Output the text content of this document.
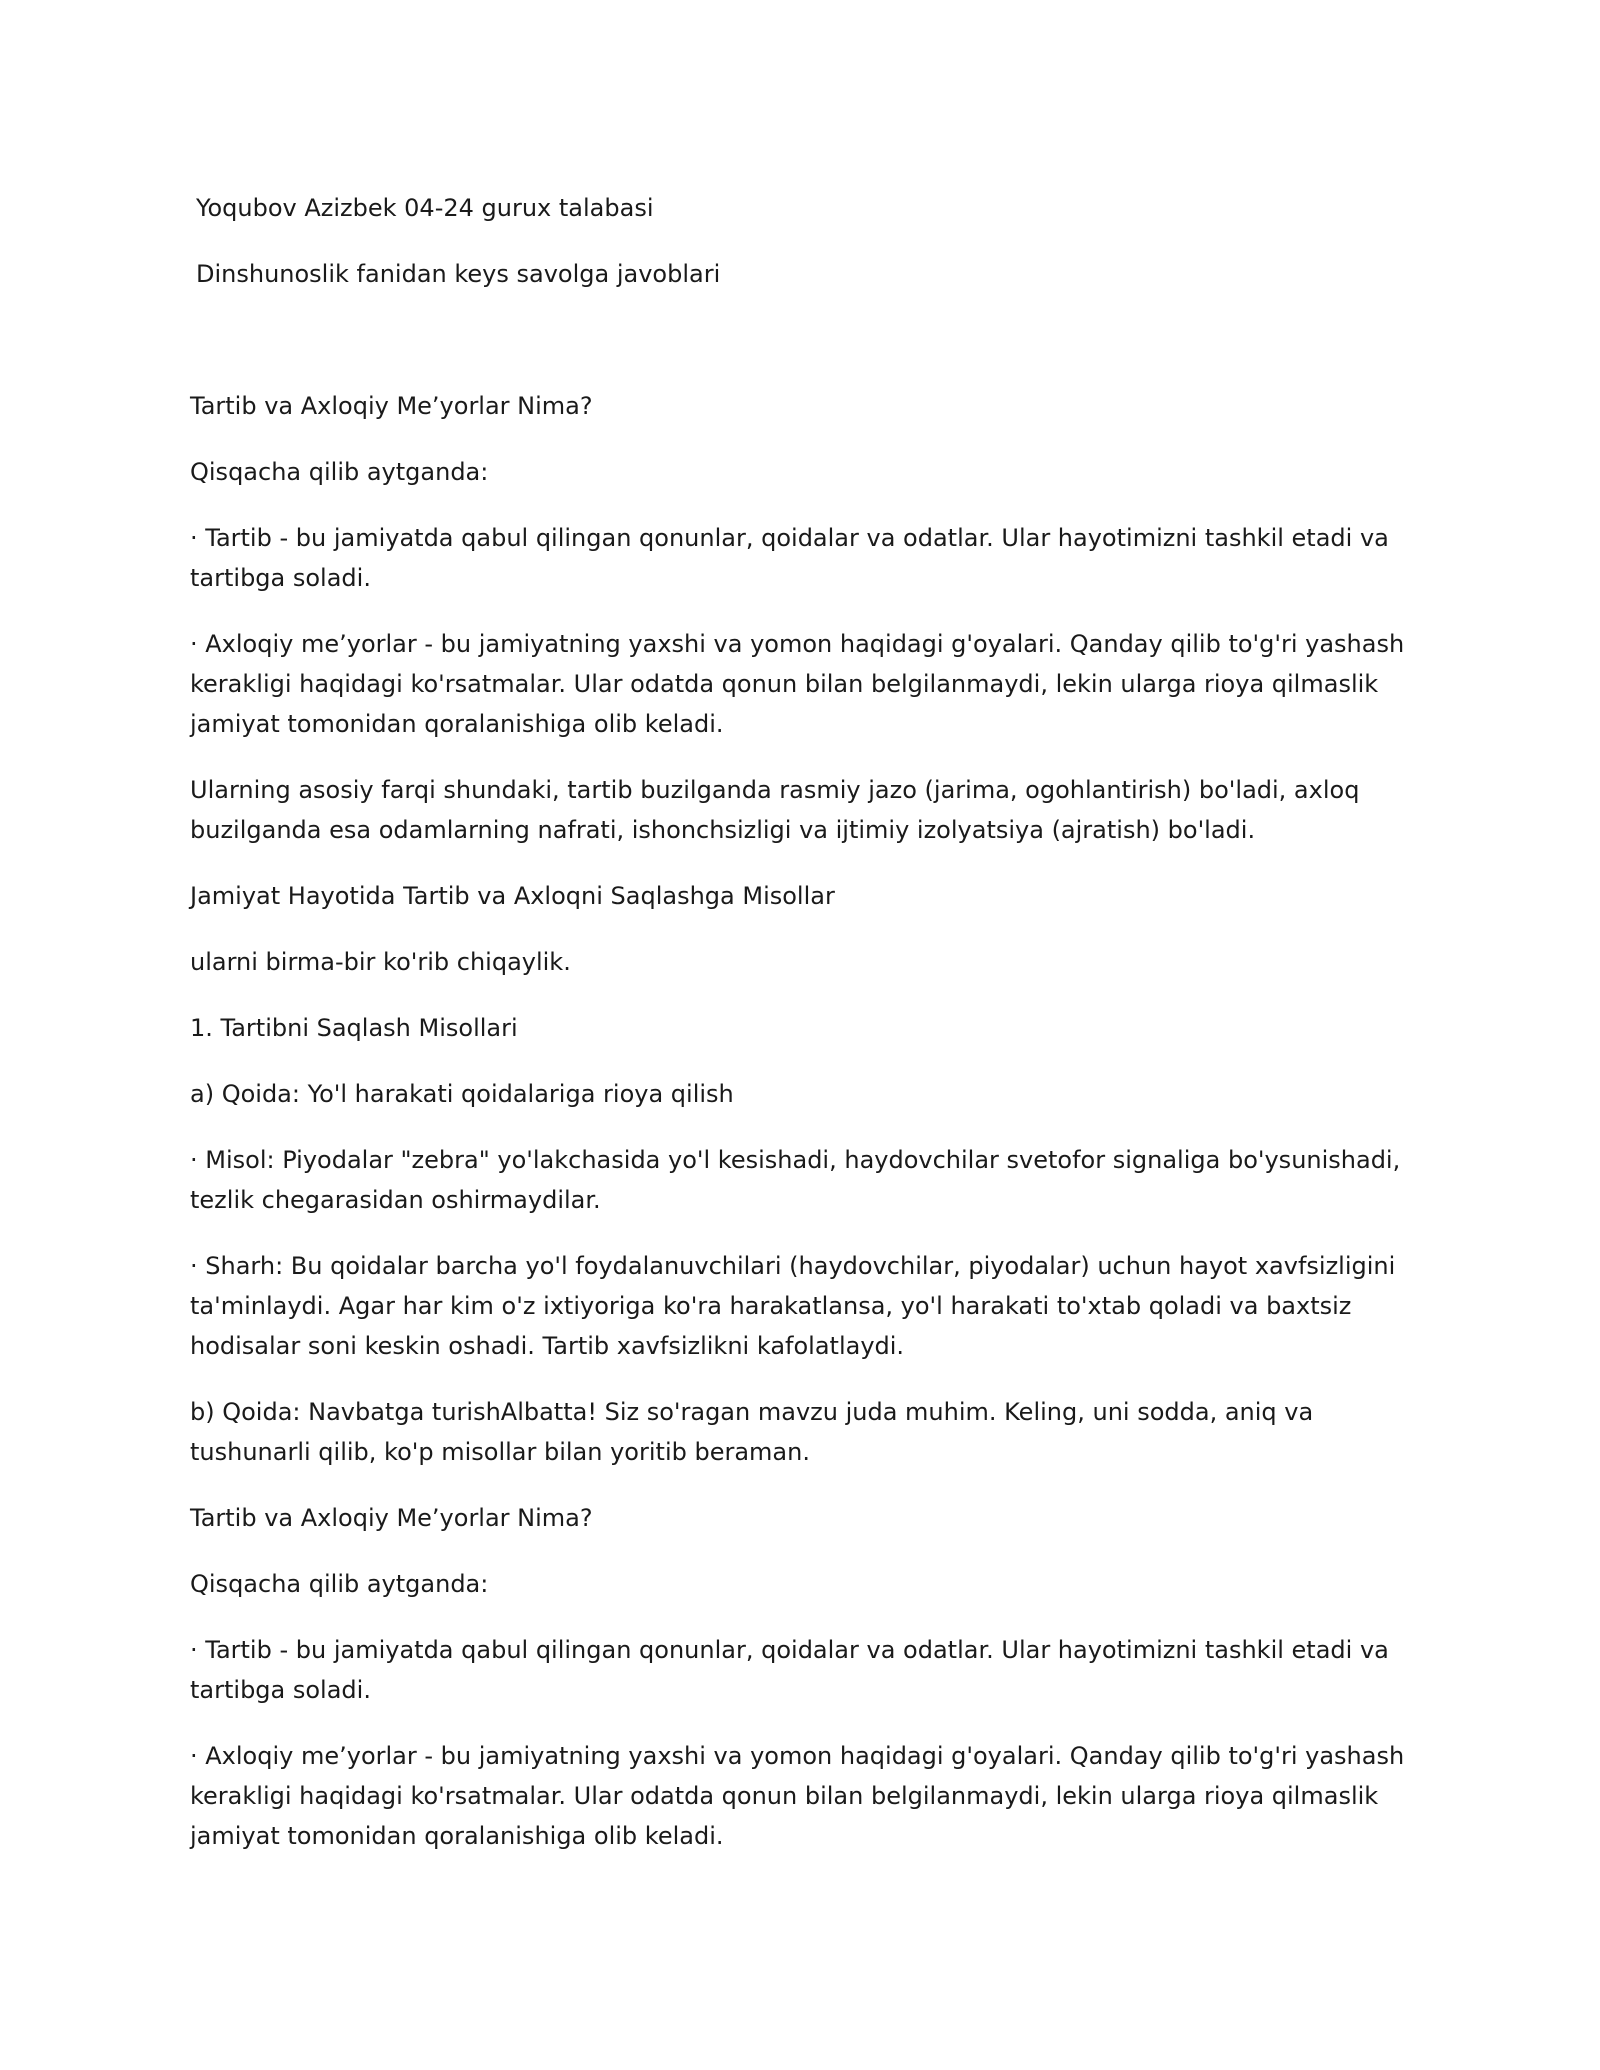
Yoqubov Azizbek 04-24 gurux talabasi

Dinshunoslik fanidan keys savolga javoblari

Tartib va Axloqiy Me’yorlar Nima?

Qisqacha qilib aytganda:

· Tartib - bu jamiyatda qabul qilingan qonunlar, qoidalar va odatlar. Ular hayotimizni tashkil etadi va tartibga soladi.

· Axloqiy me’yorlar - bu jamiyatning yaxshi va yomon haqidagi g'oyalari. Qanday qilib to'g'ri yashash kerakligi haqidagi ko'rsatmalar. Ular odatda qonun bilan belgilanmaydi, lekin ularga rioya qilmaslik jamiyat tomonidan qoralanishiga olib keladi.

Ularning asosiy farqi shundaki, tartib buzilganda rasmiy jazo (jarima, ogohlantirish) bo'ladi, axloq buzilganda esa odamlarning nafrati, ishonchsizligi va ijtimiy izolyatsiya (ajratish) bo'ladi.

Jamiyat Hayotida Tartib va Axloqni Saqlashga Misollar

ularni birma-bir ko'rib chiqaylik.

1. Tartibni Saqlash Misollari

a) Qoida: Yo'l harakati qoidalariga rioya qilish

· Misol: Piyodalar "zebra" yo'lakchasida yo'l kesishadi, haydovchilar svetofor signaliga bo'ysunishadi, tezlik chegarasidan oshirmaydilar.

· Sharh: Bu qoidalar barcha yo'l foydalanuvchilari (haydovchilar, piyodalar) uchun hayot xavfsizligini ta'minlaydi. Agar har kim o'z ixtiyoriga ko'ra harakatlansa, yo'l harakati to'xtab qoladi va baxtsiz hodisalar soni keskin oshadi. Tartib xavfsizlikni kafolatlaydi.

b) Qoida: Navbatga turishAlbatta! Siz so'ragan mavzu juda muhim. Keling, uni sodda, aniq va tushunarli qilib, ko'p misollar bilan yoritib beraman.

Tartib va Axloqiy Me’yorlar Nima?

Qisqacha qilib aytganda:

· Tartib - bu jamiyatda qabul qilingan qonunlar, qoidalar va odatlar. Ular hayotimizni tashkil etadi va tartibga soladi.

· Axloqiy me’yorlar - bu jamiyatning yaxshi va yomon haqidagi g'oyalari. Qanday qilib to'g'ri yashash kerakligi haqidagi ko'rsatmalar. Ular odatda qonun bilan belgilanmaydi, lekin ularga rioya qilmaslik jamiyat tomonidan qoralanishiga olib keladi.
